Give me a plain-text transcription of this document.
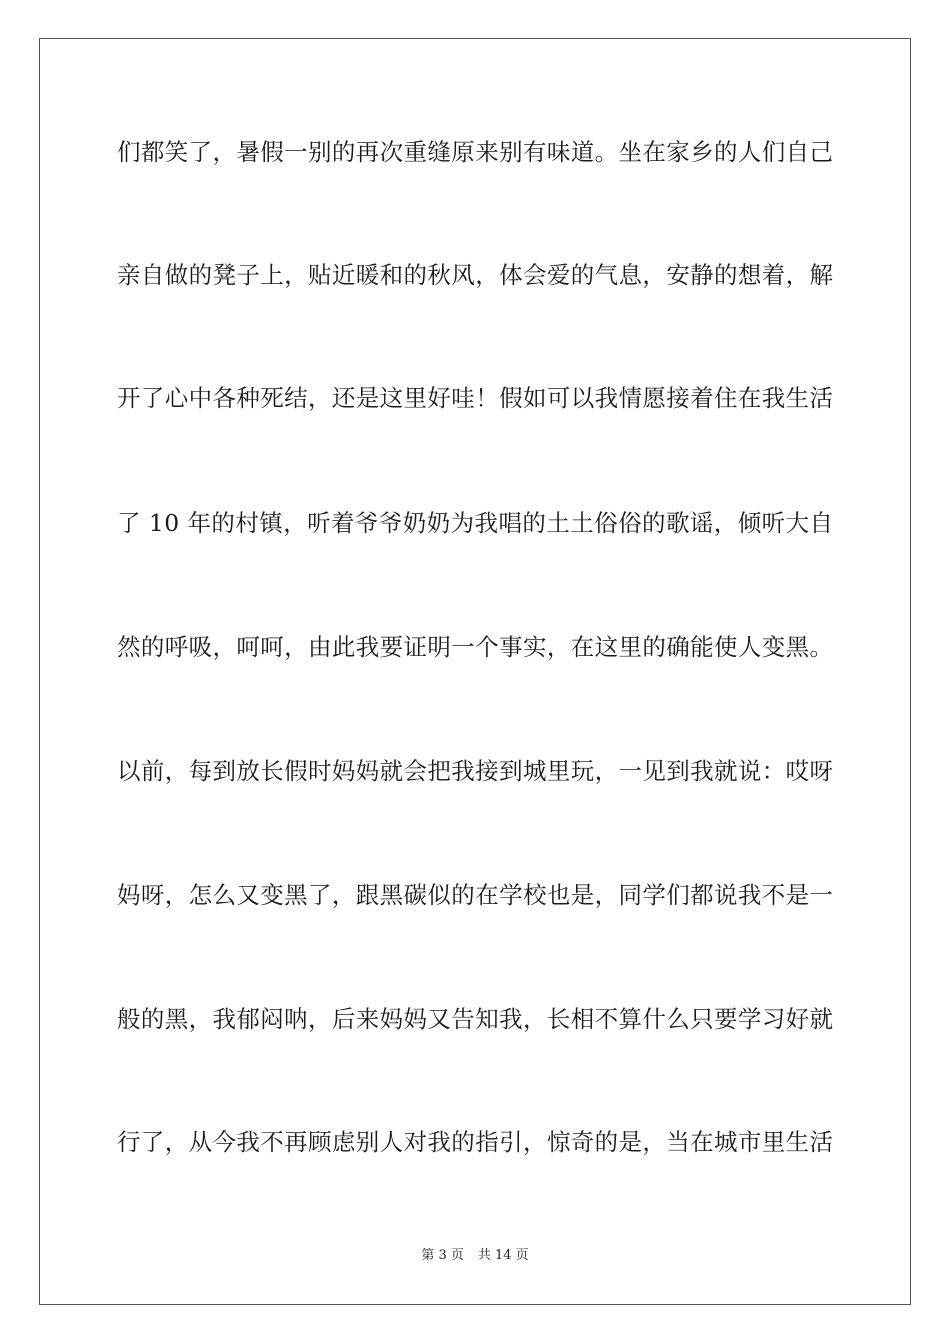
们都笑了，暑假一别的再次重缝原来别有味道。坐在家乡的人们自己
亲自做的凳子上，贴近暖和的秋风，体会爱的气息，安静的想着，解
开了心中各种死结，还是这里好哇！假如可以我情愿接着住在我生活
了 10 年的村镇，听着爷爷奶奶为我唱的土土俗俗的歌谣，倾听大自
然的呼吸，呵呵，由此我要证明一个事实，在这里的确能使人变黑。
以前，每到放长假时妈妈就会把我接到城里玩，一见到我就说：哎呀
妈呀，怎么又变黑了，跟黑碳似的在学校也是，同学们都说我不是一
般的黑，我郁闷呐，后来妈妈又告知我，长相不算什么只要学习好就
行了，从今我不再顾虑别人对我的指引，惊奇的是，当在城市里生活
第 3 页 共 14 页
